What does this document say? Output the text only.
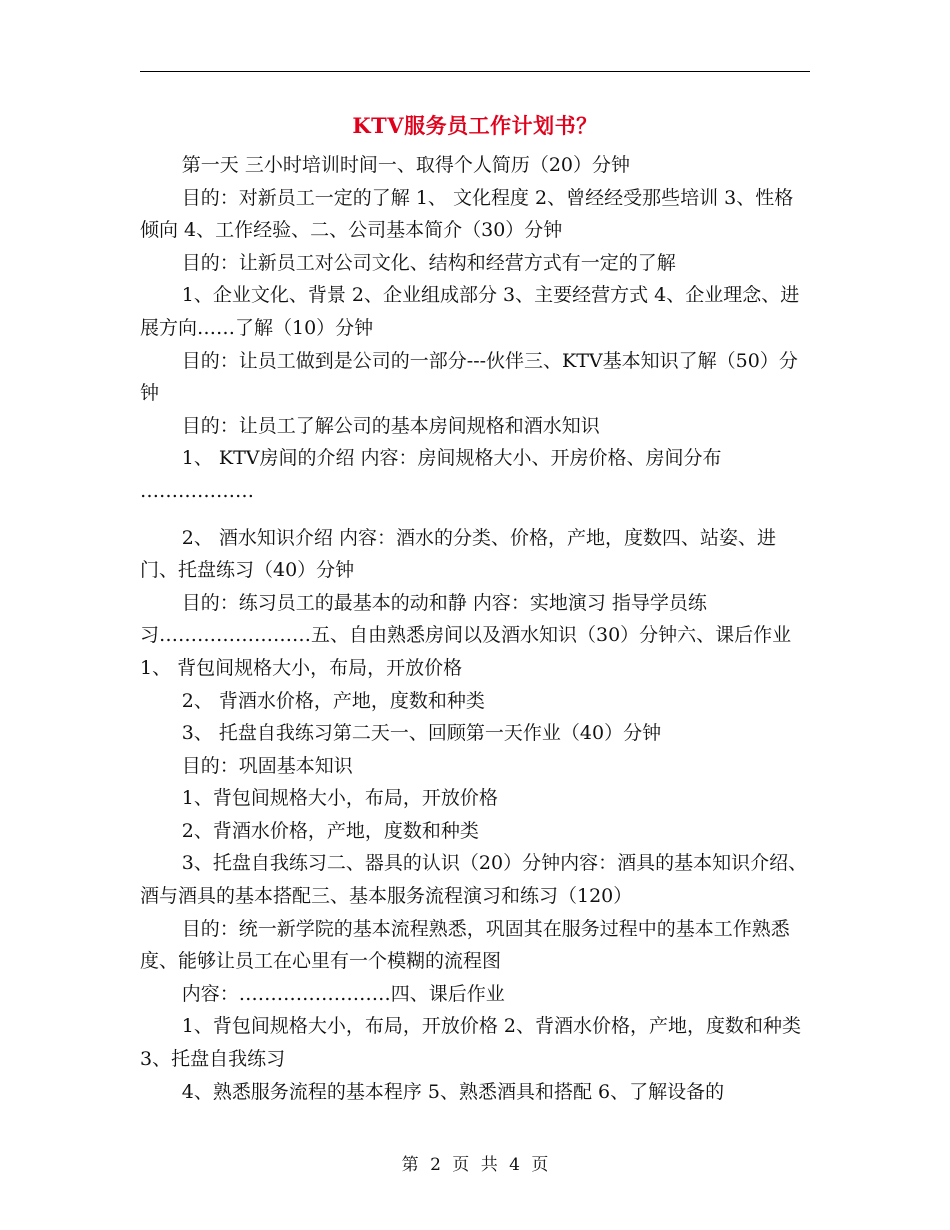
KTV服务员工作计划书？

第一天 三小时培训时间一、取得个人简历（20）分钟

目的：对新员工一定的了解 1、 文化程度 2、曾经经受那些培训 3、性格倾向 4、工作经验、二、公司基本简介（30）分钟

目的：让新员工对公司文化、结构和经营方式有一定的了解

1、企业文化、背景 2、企业组成部分 3、主要经营方式 4、企业理念、进展方向……了解（10）分钟

目的：让员工做到是公司的一部分---伙伴三、KTV基本知识了解（50）分钟

目的：让员工了解公司的基本房间规格和酒水知识

1、 KTV房间的介绍 内容：房间规格大小、开房价格、房间分布 ………………

2、 酒水知识介绍 内容：酒水的分类、价格，产地，度数四、站姿、进门、托盘练习（40）分钟

目的：练习员工的最基本的动和静 内容：实地演习 指导学员练习……………………五、自由熟悉房间以及酒水知识（30）分钟六、课后作业1、 背包间规格大小，布局，开放价格

2、 背酒水价格，产地，度数和种类

3、 托盘自我练习第二天一、回顾第一天作业（40）分钟

目的：巩固基本知识

1、背包间规格大小，布局，开放价格

2、背酒水价格，产地，度数和种类

3、托盘自我练习二、器具的认识（20）分钟内容：酒具的基本知识介绍、酒与酒具的基本搭配三、基本服务流程演习和练习（120）

目的：统一新学院的基本流程熟悉，巩固其在服务过程中的基本工作熟悉度、能够让员工在心里有一个模糊的流程图

内容：……………………四、课后作业

1、背包间规格大小，布局，开放价格 2、背酒水价格，产地，度数和种类 3、托盘自我练习

4、熟悉服务流程的基本程序 5、熟悉酒具和搭配 6、了解设备的

第 2 页 共 4 页
